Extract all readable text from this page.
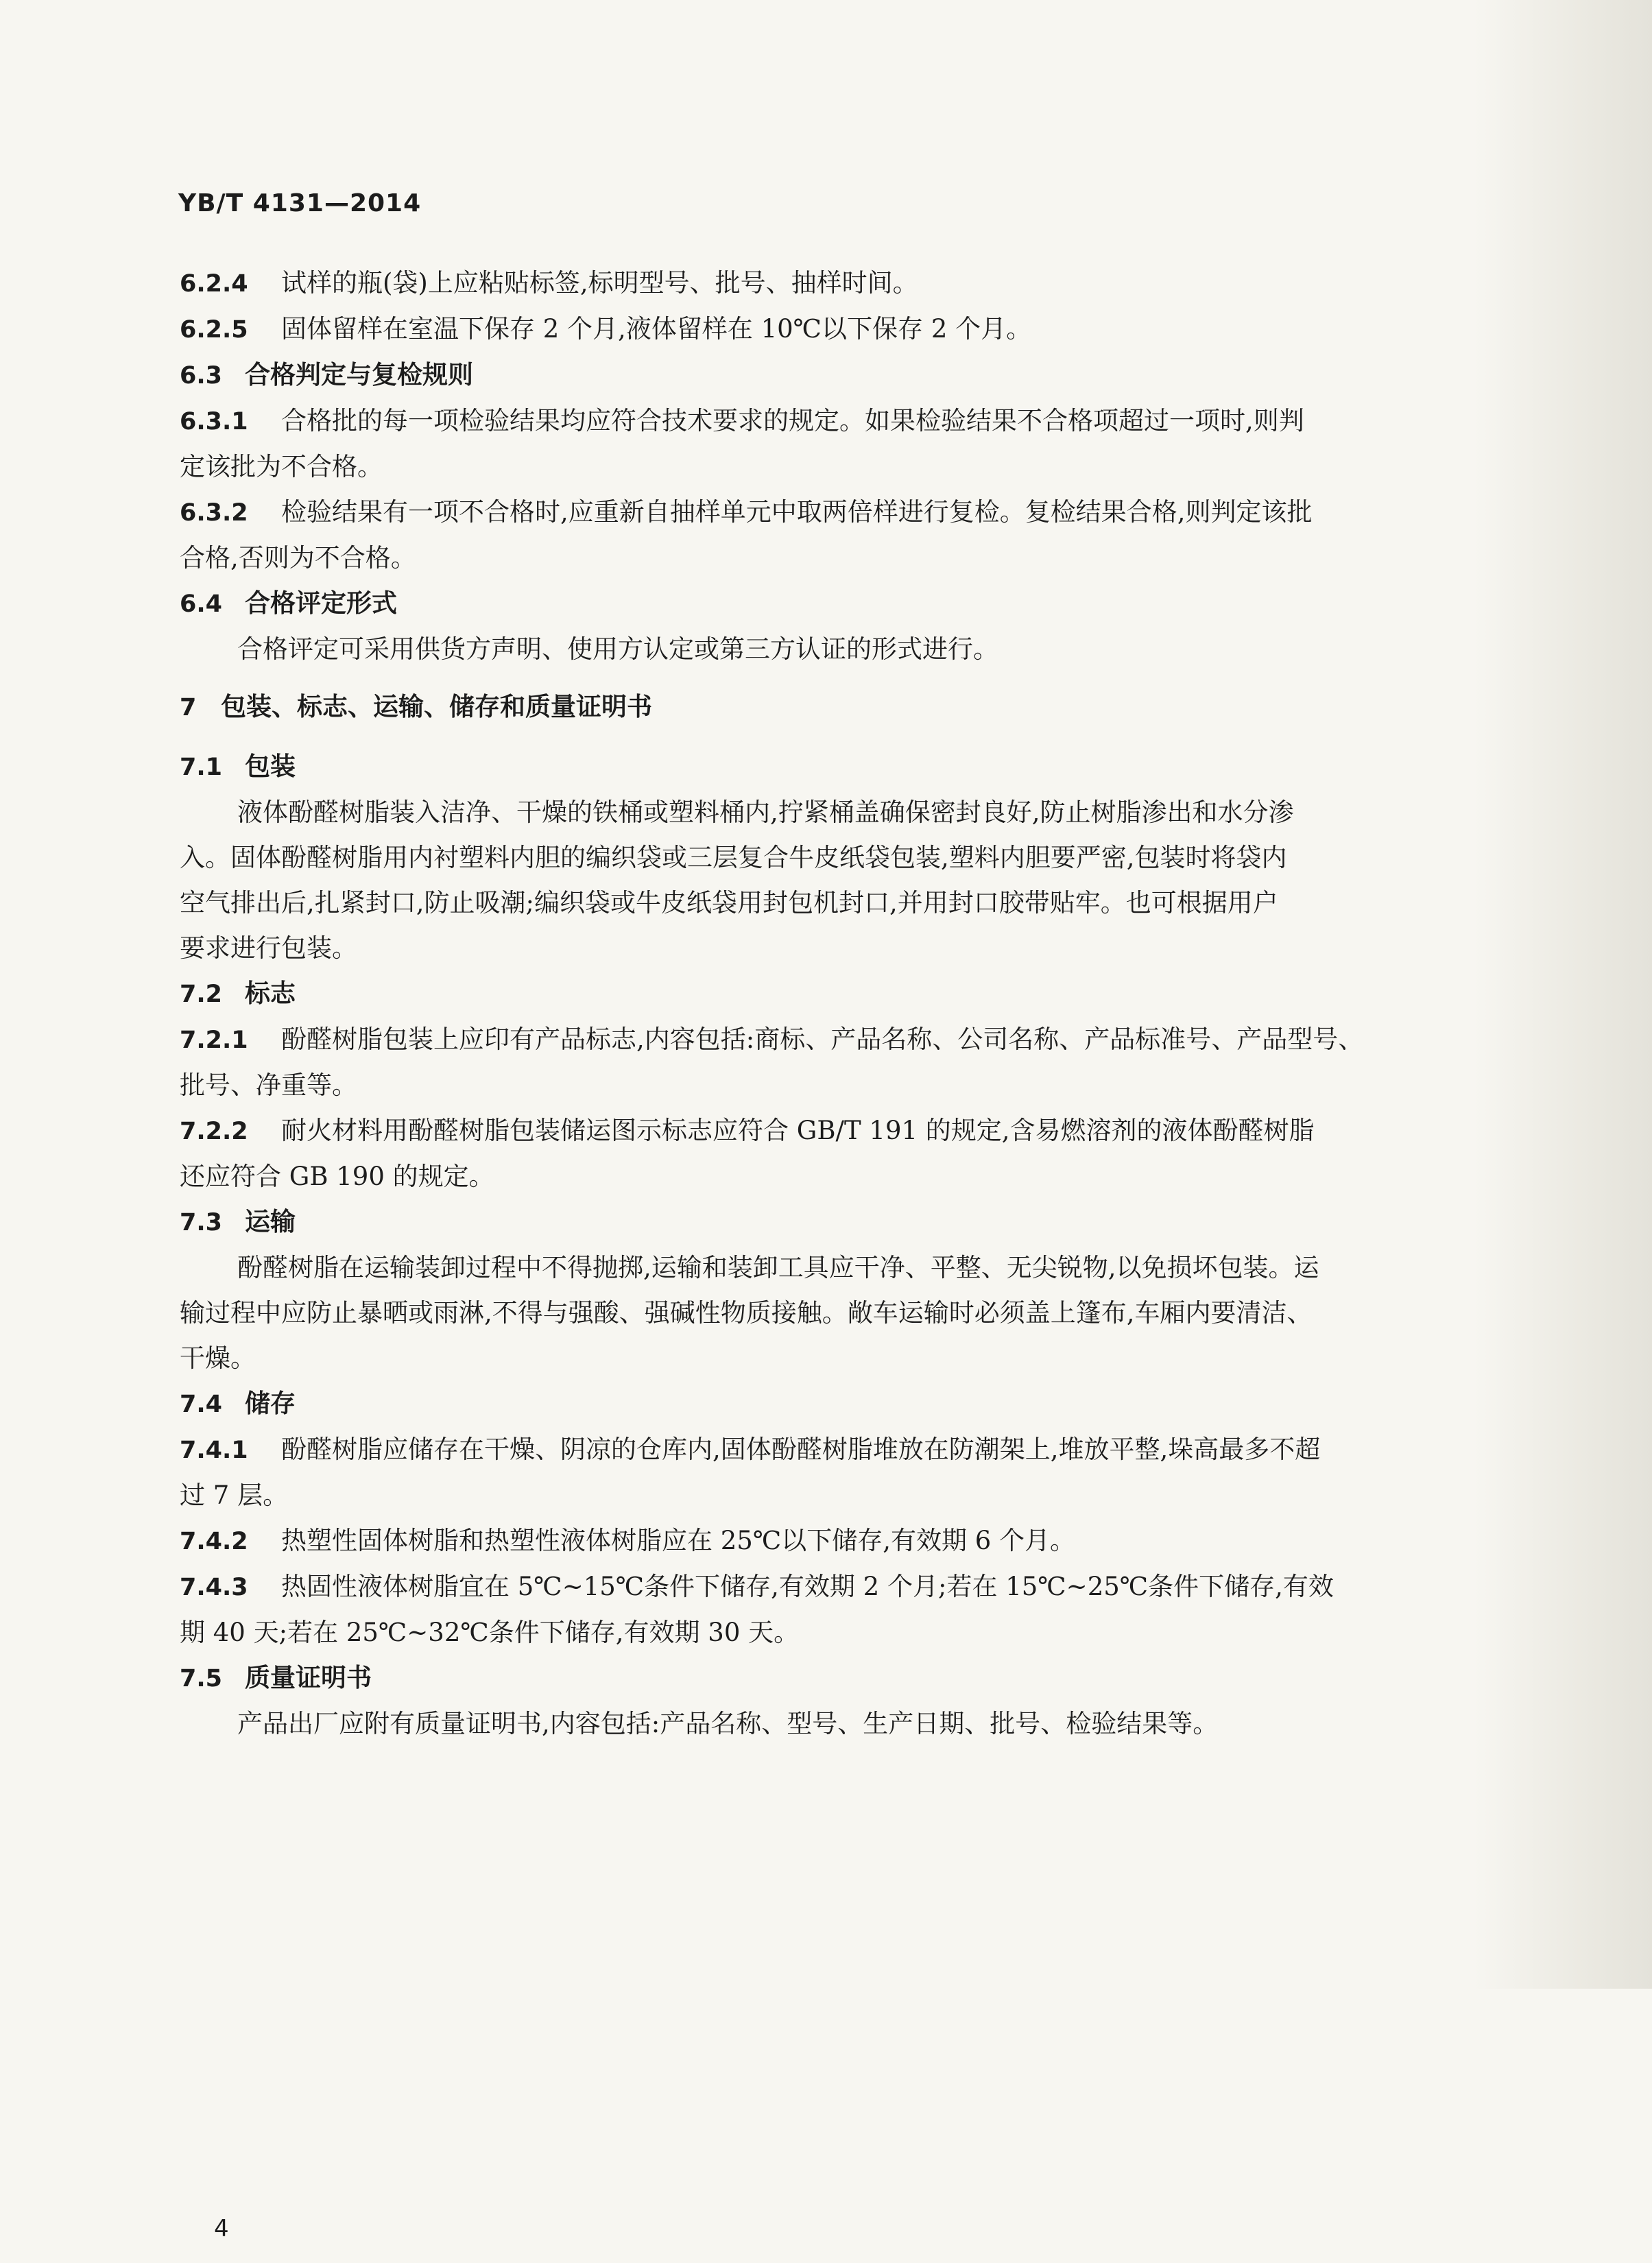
YB/T 4131—2014

6.2.4 试样的瓶(袋)上应粘贴标签,标明型号、批号、抽样时间。

6.2.5 固体留样在室温下保存 2 个月,液体留样在 10℃以下保存 2 个月。

6.3 合格判定与复检规则

6.3.1 合格批的每一项检验结果均应符合技术要求的规定。如果检验结果不合格项超过一项时,则判

定该批为不合格。

6.3.2 检验结果有一项不合格时,应重新自抽样单元中取两倍样进行复检。复检结果合格,则判定该批

合格,否则为不合格。

6.4 合格评定形式

合格评定可采用供货方声明、使用方认定或第三方认证的形式进行。

7 包装、标志、运输、储存和质量证明书

7.1 包装

液体酚醛树脂装入洁净、干燥的铁桶或塑料桶内,拧紧桶盖确保密封良好,防止树脂渗出和水分渗

入。固体酚醛树脂用内衬塑料内胆的编织袋或三层复合牛皮纸袋包装,塑料内胆要严密,包装时将袋内

空气排出后,扎紧封口,防止吸潮;编织袋或牛皮纸袋用封包机封口,并用封口胶带贴牢。也可根据用户

要求进行包装。

7.2 标志

7.2.1 酚醛树脂包装上应印有产品标志,内容包括:商标、产品名称、公司名称、产品标准号、产品型号、

批号、净重等。

7.2.2 耐火材料用酚醛树脂包装储运图示标志应符合 GB/T 191 的规定,含易燃溶剂的液体酚醛树脂

还应符合 GB 190 的规定。

7.3 运输

酚醛树脂在运输装卸过程中不得抛掷,运输和装卸工具应干净、平整、无尖锐物,以免损坏包装。运

输过程中应防止暴晒或雨淋,不得与强酸、强碱性物质接触。敞车运输时必须盖上篷布,车厢内要清洁、

干燥。

7.4 储存

7.4.1 酚醛树脂应储存在干燥、阴凉的仓库内,固体酚醛树脂堆放在防潮架上,堆放平整,垛高最多不超

过 7 层。

7.4.2 热塑性固体树脂和热塑性液体树脂应在 25℃以下储存,有效期 6 个月。

7.4.3 热固性液体树脂宜在 5℃~15℃条件下储存,有效期 2 个月;若在 15℃~25℃条件下储存,有效

期 40 天;若在 25℃~32℃条件下储存,有效期 30 天。

7.5 质量证明书

产品出厂应附有质量证明书,内容包括:产品名称、型号、生产日期、批号、检验结果等。

4
